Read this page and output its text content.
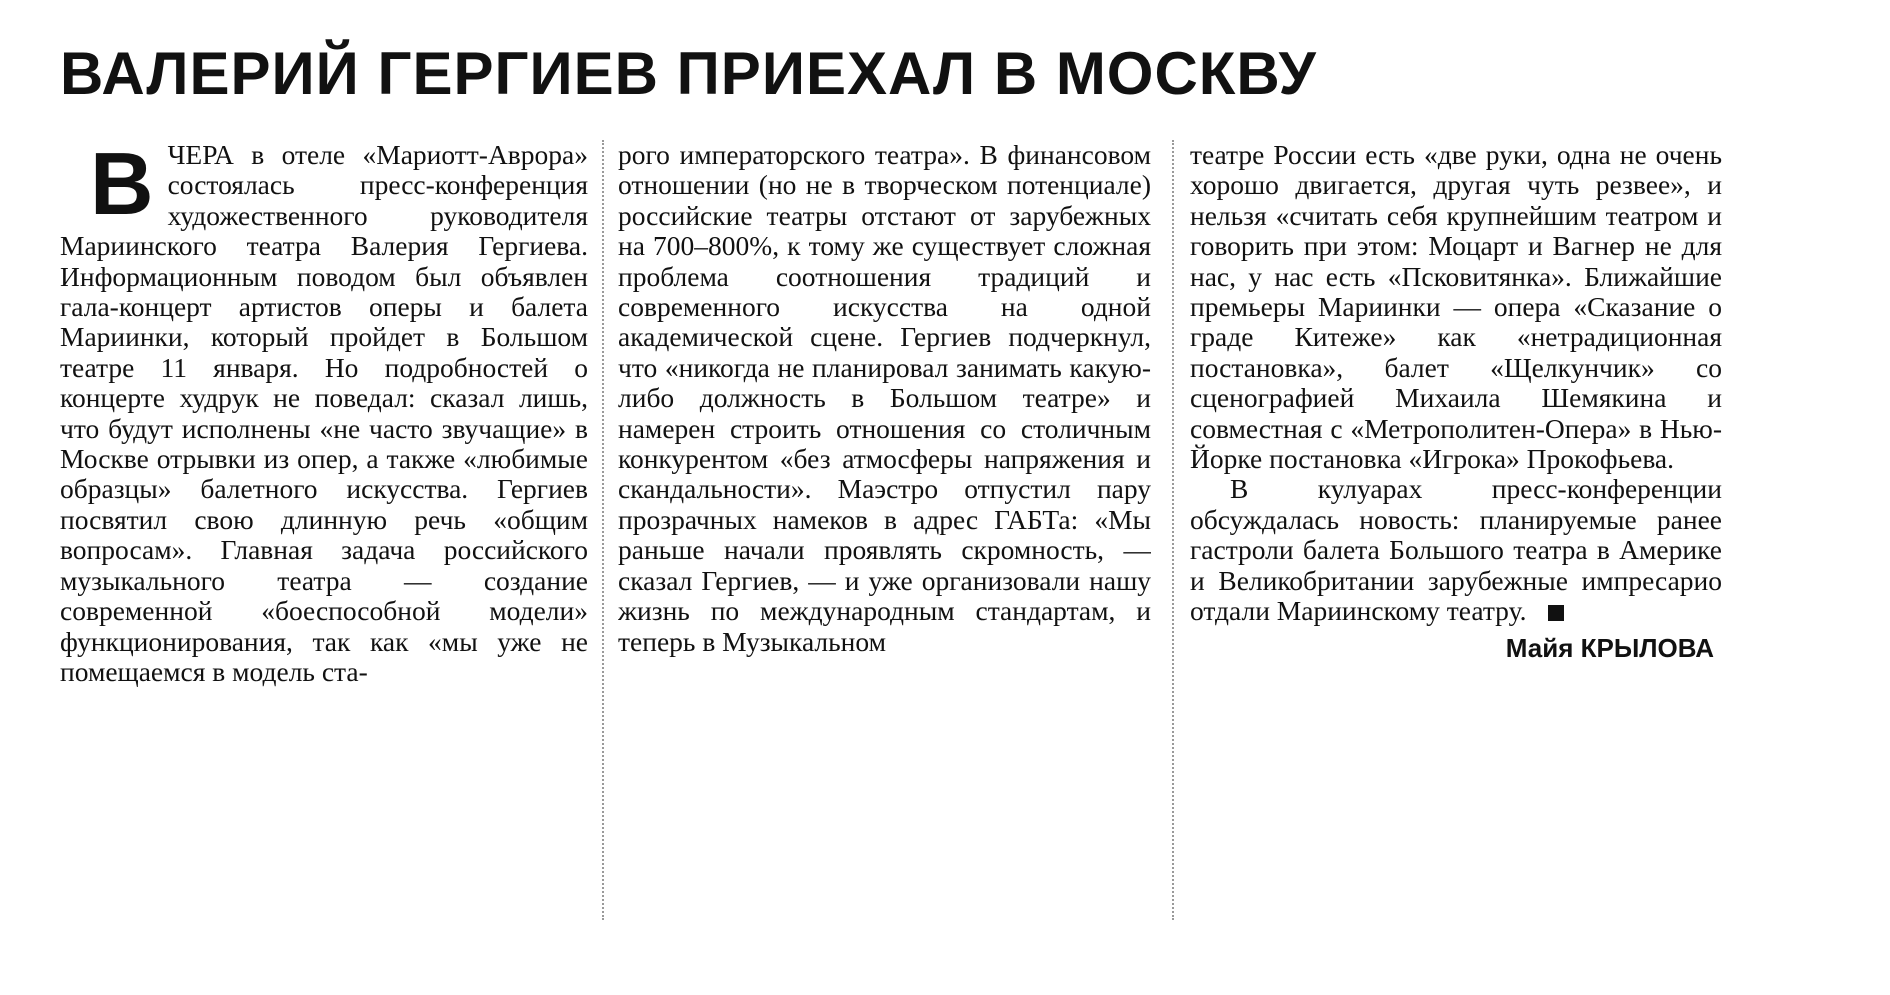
ВАЛЕРИЙ ГЕРГИЕВ ПРИЕХАЛ В МОСКВУ
В ЧЕРА в отеле «Мариотт-Аврора» состоялась пресс-конференция художественного руководителя Мариинского театра Валерия Гергиева. Информационным поводом был объявлен гала-концерт артистов оперы и балета Мариинки, который пройдет в Большом театре 11 января. Но подробностей о концерте худрук не поведал: сказал лишь, что будут исполнены «не часто звучащие» в Москве отрывки из опер, а также «любимые образцы» балетного искусства. Гергиев посвятил свою длинную речь «общим вопросам». Главная задача российского музыкального театра — создание современной «боеспособной модели» функционирования, так как «мы уже не помещаемся в модель ста-

рого императорского театра». В финансовом отношении (но не в творческом потенциале) российские театры отстают от зарубежных на 700–800%, к тому же существует сложная проблема соотношения традиций и современного искусства на одной академической сцене. Гергиев подчеркнул, что «никогда не планировал занимать какую-либо должность в Большом театре» и намерен строить отношения со столичным конкурентом «без атмосферы напряжения и скандальности». Маэстро отпустил пару прозрачных намеков в адрес ГАБТа: «Мы раньше начали проявлять скромность, — сказал Гергиев, — и уже организовали нашу жизнь по международным стандартам, и теперь в Музыкальном

театре России есть «две руки, одна не очень хорошо двигается, другая чуть резвее», и нельзя «считать себя крупнейшим театром и говорить при этом: Моцарт и Вагнер не для нас, у нас есть «Псковитянка». Ближайшие премьеры Мариинки — опера «Сказание о граде Китеже» как «нетрадиционная постановка», балет «Щелкунчик» со сценографией Михаила Шемякина и совместная с «Метрополитен-Опера» в Нью-Йорке постановка «Игрока» Прокофьева.

В кулуарах пресс-конференции обсуждалась новость: планируемые ранее гастроли балета Большого театра в Америке и Великобритании зарубежные импресарио отдали Мариинскому театру.

Майя КРЫЛОВА
